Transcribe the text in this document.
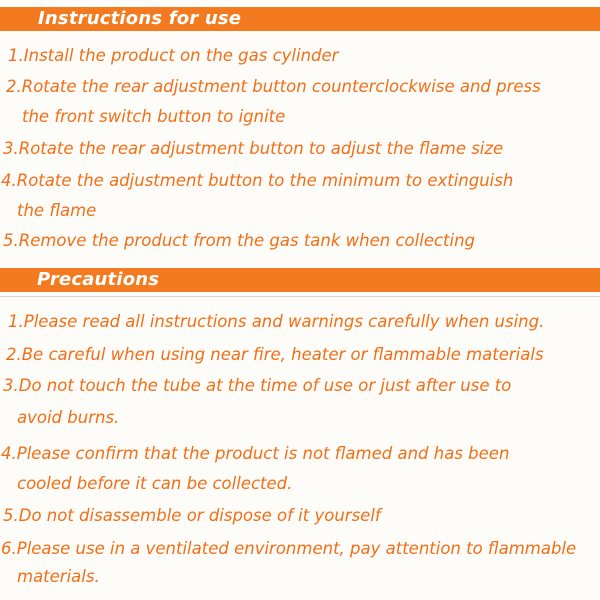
Instructions for use
1.Install the product on the gas cylinder
2.Rotate the rear adjustment button counterclockwise and press
the front switch button to ignite
3.Rotate the rear adjustment button to adjust the flame size
4.Rotate the adjustment button to the minimum to extinguish
the flame
5.Remove the product from the gas tank when collecting
Precautions
1.Please read all instructions and warnings carefully when using.
2.Be careful when using near fire, heater or flammable materials
3.Do not touch the tube at the time of use or just after use to
avoid burns.
4.Please confirm that the product is not flamed and has been
cooled before it can be collected.
5.Do not disassemble or dispose of it yourself
6.Please use in a ventilated environment, pay attention to flammable
materials.
